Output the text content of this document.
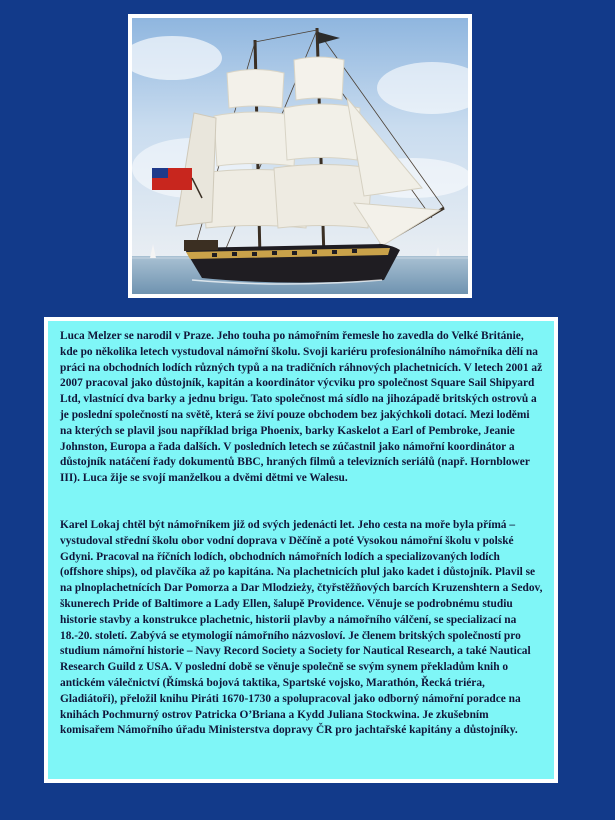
Luca Melzer se narodil v Praze. Jeho touha po námořním řemesle ho zavedla do Velké Británie, kde po několika letech vystudoval námořní školu. Svoji kariéru profesionálního námořníka dělí na práci na obchodních lodích různých typů a na tradičních ráhnových plachetnicích. V letech 2001 až 2007 pracoval jako důstojník, kapitán a koordinátor výcviku pro společnost Square Sail Shipyard Ltd, vlastnící dva barky a jednu brigu. Tato společnost má sídlo na jihozápadě britských ostrovů a je poslední společností na světě, která se živí pouze obchodem bez jakýchkoli dotací. Mezi loděmi na kterých se plavil jsou například briga Phoenix, barky Kaskelot a Earl of Pembroke, Jeanie Johnston, Europa a řada dalších. V posledních letech se zúčastnil jako námořní koordinátor a důstojník natáčení řady dokumentů BBC, hraných filmů a televizních seriálů (např. Hornblower III). Luca žije se svojí manželkou a dvěmi dětmi ve Walesu.

Karel Lokaj chtěl být námořníkem již od svých jedenácti let. Jeho cesta na moře byla přímá – vystudoval střední školu obor vodní doprava v Děčíně a poté Vysokou námořní školu v polské Gdyni. Pracoval na říčních lodích, obchodních námořních lodích a specializovaných lodích (offshore ships), od plavčíka až po kapitána. Na plachetnicích plul jako kadet i důstojník. Plavil se na plnoplachetnících Dar Pomorza a Dar Mlodzieży, čtyřstěžňových barcích Kruzenshtern a Sedov, škunerech Pride of Baltimore a Lady Ellen, šalupě Providence. Věnuje se podrobnému studiu historie stavby a konstrukce plachetnic, historii plavby a námořního válčení, se specializací na 18.-20. století. Zabývá se etymologií námořního názvosloví. Je členem britských společností pro studium námořní historie – Navy Record Society a Society for Nautical Research, a také Nautical Research Guild z USA. V poslední době se věnuje společně se svým synem překladům knih o antickém válečnictví (Římská bojová taktika, Spartské vojsko, Marathón, Řecká triéra, Gladiátoři), přeložil knihu Piráti 1670-1730 a spolupracoval jako odborný námořní poradce na knihách Pochmurný ostrov Patricka O’Briana a Kydd Juliana Stockwina. Je zkušebním komisařem Námořního úřadu Ministerstva dopravy ČR pro jachtařské kapitány a důstojníky.
